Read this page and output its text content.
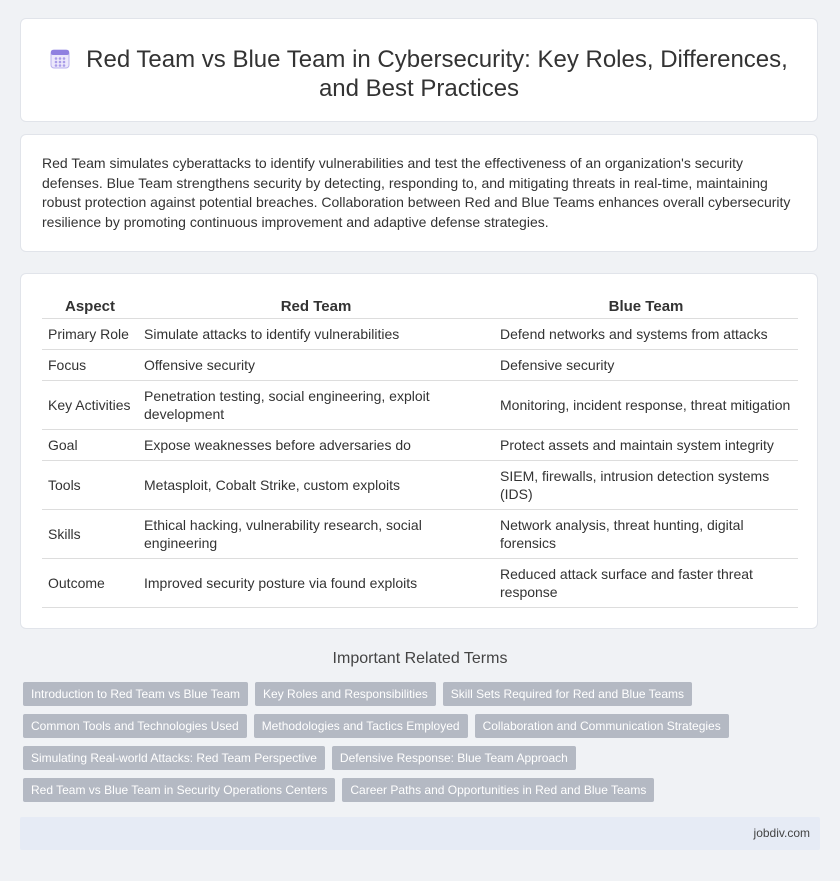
Red Team vs Blue Team in Cybersecurity: Key Roles, Differences,
and Best Practices
Red Team simulates cyberattacks to identify vulnerabilities and test the effectiveness of an organization's security defenses. Blue Team strengthens security by detecting, responding to, and mitigating threats in real-time, maintaining robust protection against potential breaches. Collaboration between Red and Blue Teams enhances overall cybersecurity resilience by promoting continuous improvement and adaptive defense strategies.
Aspect	Red Team	Blue Team
Primary Role	Simulate attacks to identify vulnerabilities	Defend networks and systems from attacks
Focus	Offensive security	Defensive security
Key Activities	Penetration testing, social engineering, exploit development	Monitoring, incident response, threat mitigation
Goal	Expose weaknesses before adversaries do	Protect assets and maintain system integrity
Tools	Metasploit, Cobalt Strike, custom exploits	SIEM, firewalls, intrusion detection systems (IDS)
Skills	Ethical hacking, vulnerability research, social engineering	Network analysis, threat hunting, digital forensics
Outcome	Improved security posture via found exploits	Reduced attack surface and faster threat response
Important Related Terms
Introduction to Red Team vs Blue Team	Key Roles and Responsibilities	Skill Sets Required for Red and Blue Teams
Common Tools and Technologies Used	Methodologies and Tactics Employed	Collaboration and Communication Strategies
Simulating Real-world Attacks: Red Team Perspective	Defensive Response: Blue Team Approach
Red Team vs Blue Team in Security Operations Centers	Career Paths and Opportunities in Red and Blue Teams
jobdiv.com
